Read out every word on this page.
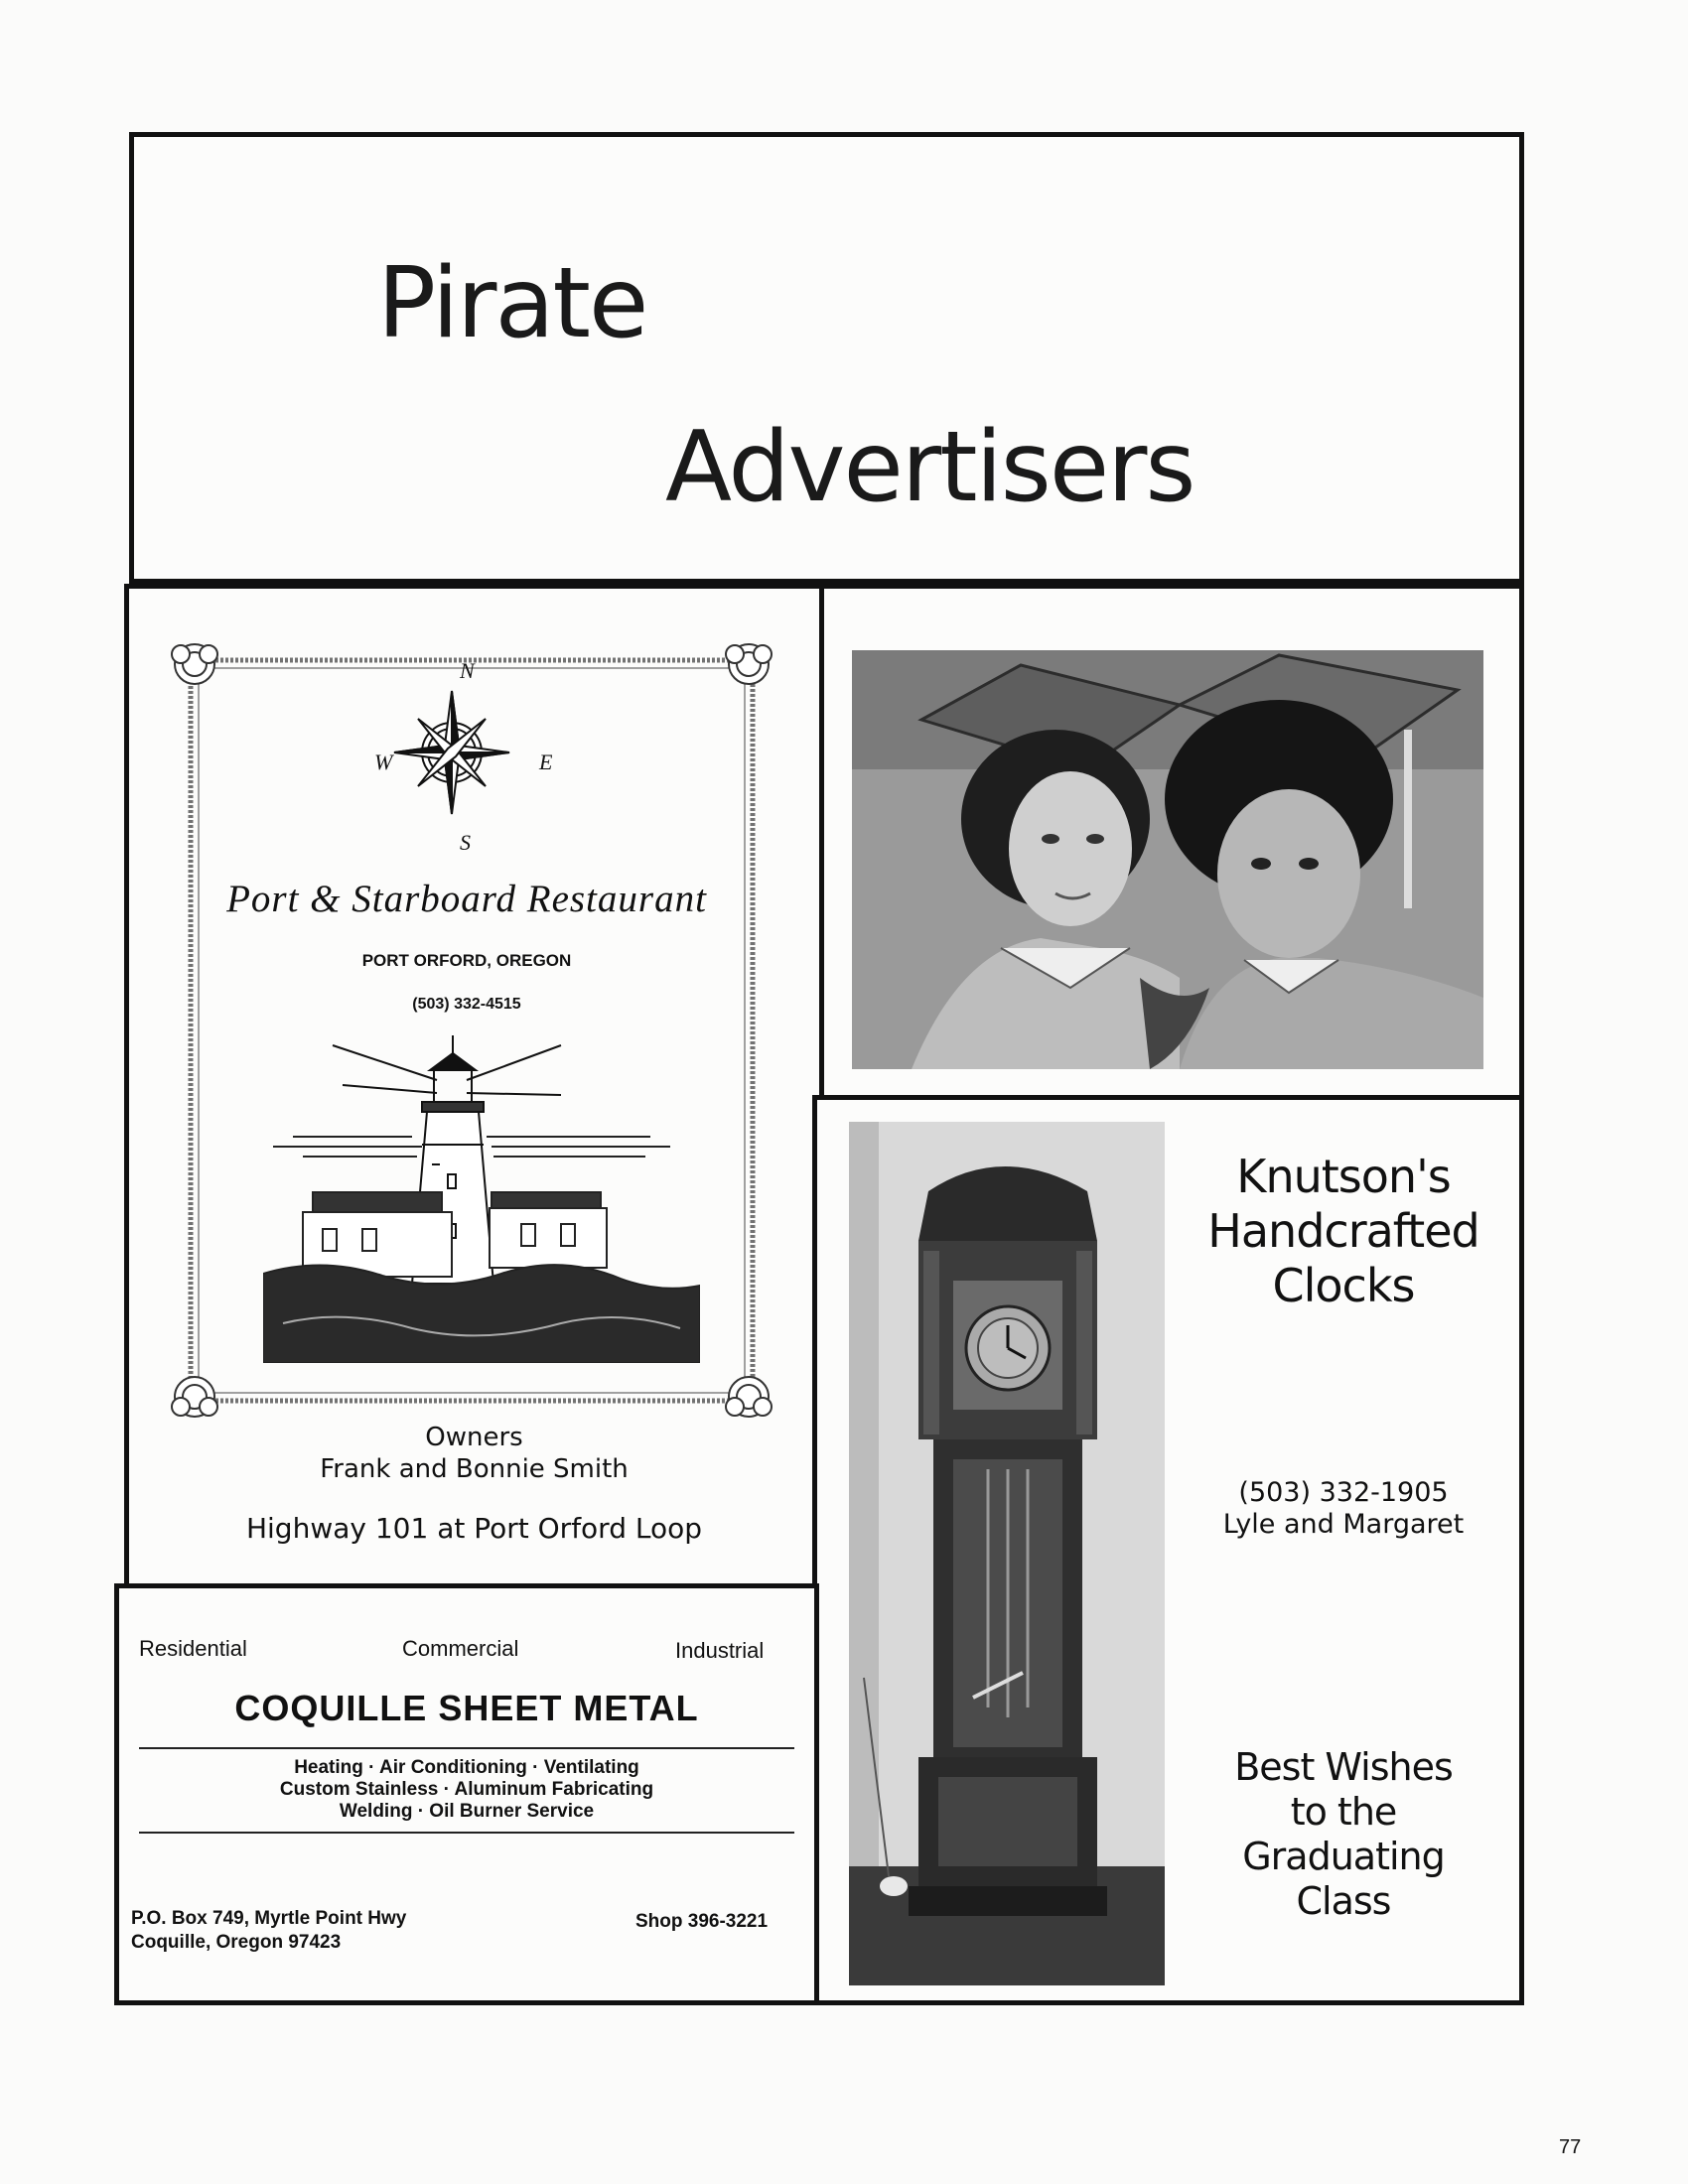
Pirate
Advertisers
N
W	E
S
Port & Starboard Restaurant
PORT ORFORD, OREGON
(503) 332-4515
Owners
Frank and Bonnie Smith
Highway 101 at Port Orford Loop
Knutson's
Handcrafted
Clocks
(503) 332-1905
Lyle and Margaret
Best Wishes
to the
Graduating
Class
Residential	Commercial	Industrial
COQUILLE SHEET METAL
Heating · Air Conditioning · Ventilating
Custom Stainless · Aluminum Fabricating
Welding · Oil Burner Service
P.O. Box 749, Myrtle Point Hwy
Coquille, Oregon 97423
Shop 396-3221
77
